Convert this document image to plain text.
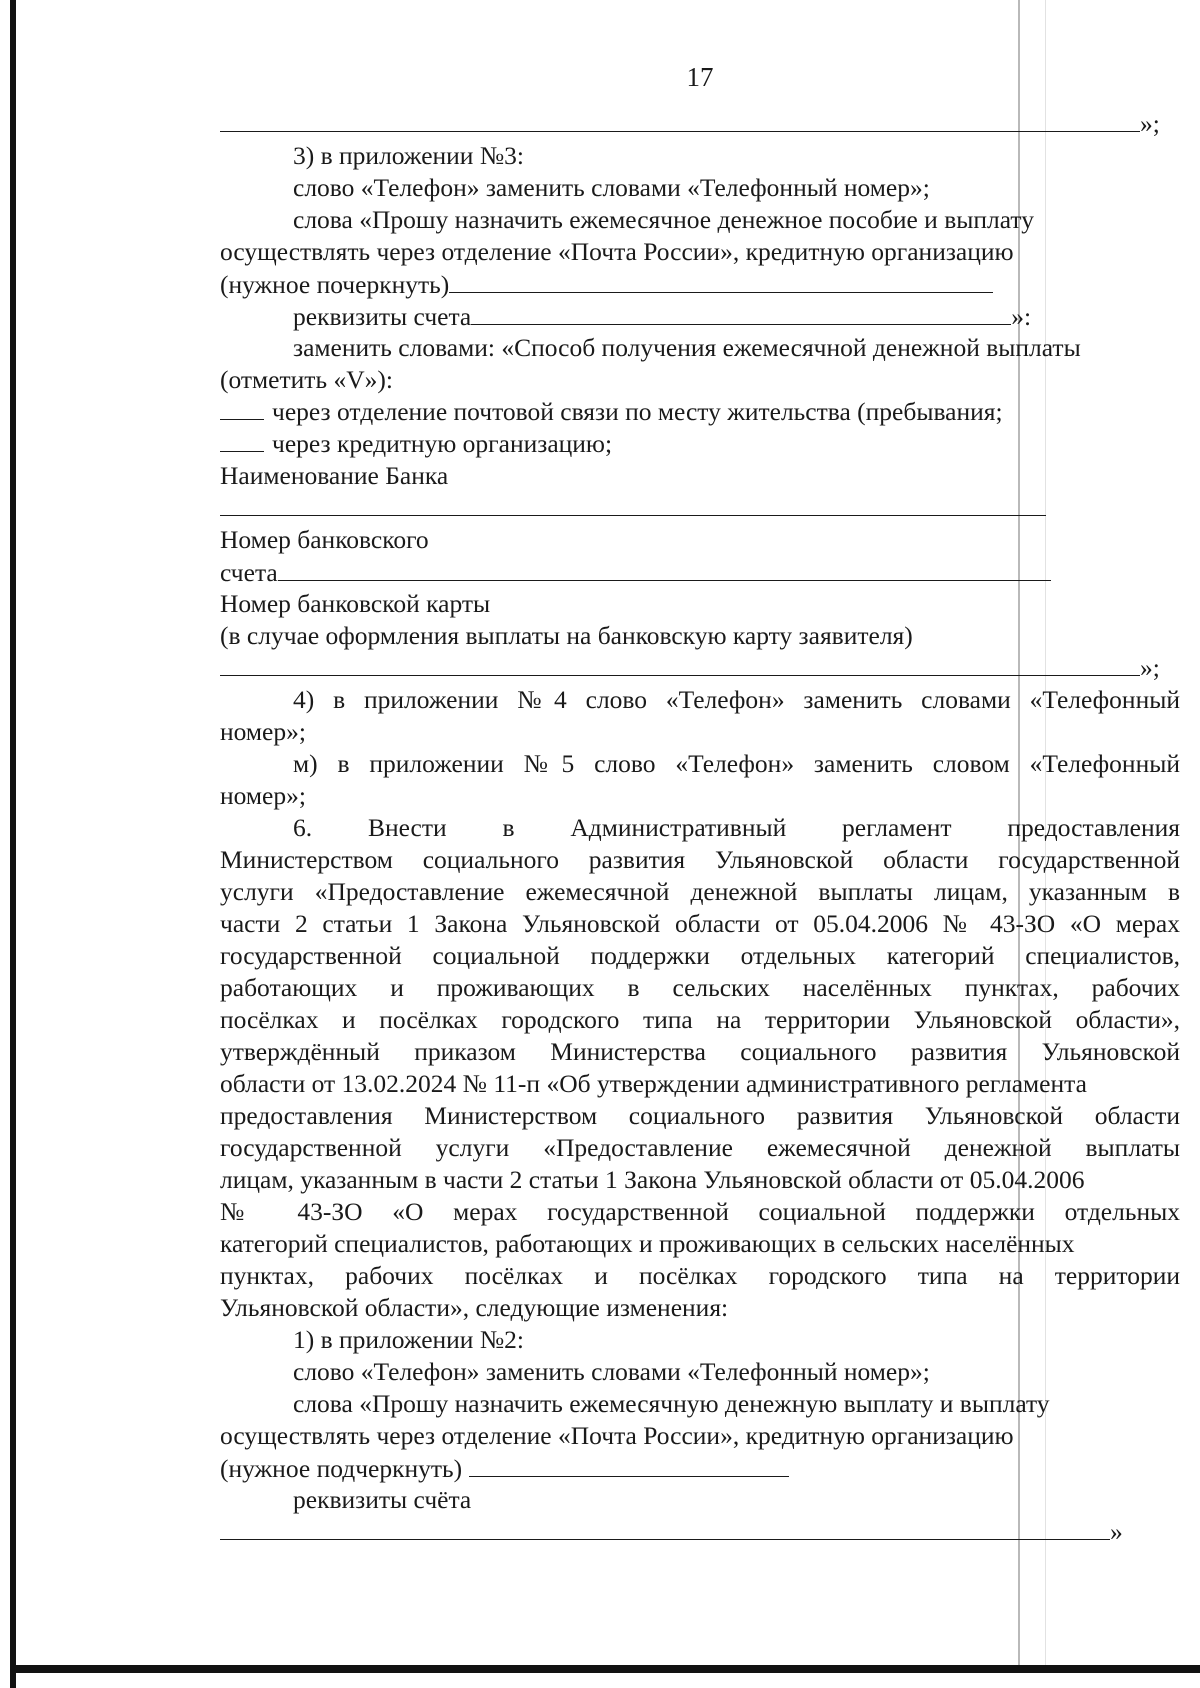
17
»;
3) в приложении №3:
слово «Телефон» заменить словами «Телефонный номер»;
слова «Прошу назначить ежемесячное денежное пособие и выплату
осуществлять через отделение «Почта России», кредитную организацию
(нужное почеркнуть)
реквизиты счета	»:
заменить словами: «Способ получения ежемесячной денежной выплаты
(отметить «V»):
через отделение почтовой связи по месту жительства (пребывания;
через кредитную организацию;
Наименование Банка
Номер банковского
счета
Номер банковской карты
(в случае оформления выплаты на банковскую карту заявителя)
»;
4) в приложении №4 слово «Телефон» заменить словами «Телефонный
номер»;
м) в приложении №5 слово «Телефон» заменить словом «Телефонный
номер»;
6. Внести в Административный регламент предоставления
Министерством социального развития Ульяновской области государственной
услуги «Предоставление ежемесячной денежной выплаты лицам, указанным в
части 2 статьи 1 Закона Ульяновской области от 05.04.2006 № 43-ЗО «О мерах
государственной социальной поддержки отдельных категорий специалистов,
работающих и проживающих в сельских населённых пунктах, рабочих
посёлках и посёлках городского типа на территории Ульяновской области»,
утверждённый приказом Министерства социального развития Ульяновской
области от 13.02.2024 № 11-п «Об утверждении административного регламента
предоставления Министерством социального развития Ульяновской области
государственной услуги «Предоставление ежемесячной денежной выплаты
лицам, указанным в части 2 статьи 1 Закона Ульяновской области от 05.04.2006
№ 43-ЗО «О мерах государственной социальной поддержки отдельных
категорий специалистов, работающих и проживающих в сельских населённых
пунктах, рабочих посёлках и посёлках городского типа на территории
Ульяновской области», следующие изменения:
1) в приложении №2:
слово «Телефон» заменить словами «Телефонный номер»;
слова «Прошу назначить ежемесячную денежную выплату и выплату
осуществлять через отделение «Почта России», кредитную организацию
(нужное подчеркнуть)
реквизиты счёта
»
